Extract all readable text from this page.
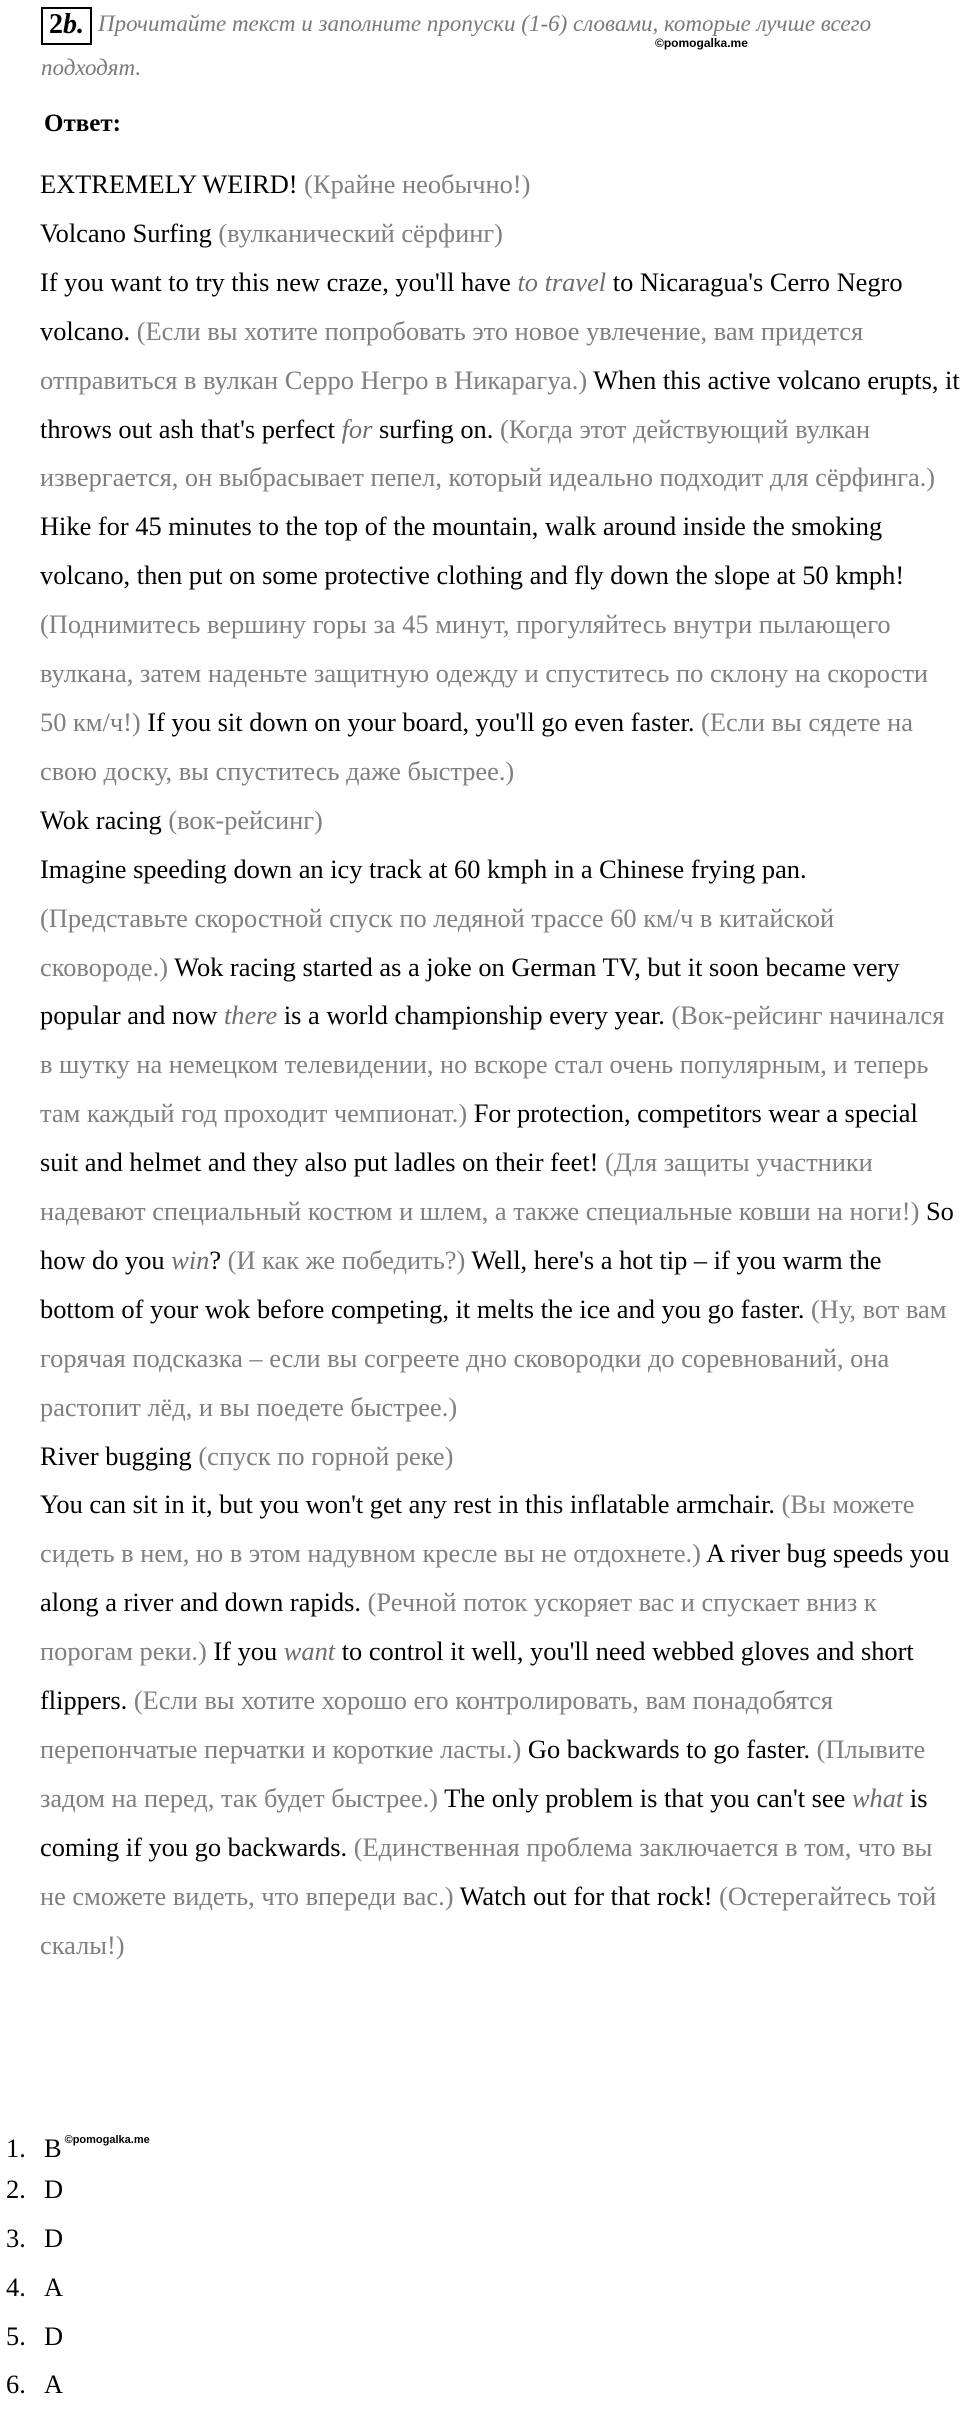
2b. Прочитайте текст и заполните пропуски (1-6) словами, которые лучше всего подходят.
©pomogalka.me
Ответ:

EXTREMELY WEIRD! (Крайне необычно!)

Volcano Surfing (вулканический сёрфинг)

If you want to try this new craze, you'll have to travel to Nicaragua's Cerro Negro volcano. (Если вы хотите попробовать это новое увлечение, вам придется отправиться в вулкан Серро Негро в Никарагуа.) When this active volcano erupts, it throws out ash that's perfect for surfing on. (Когда этот действующий вулкан извергается, он выбрасывает пепел, который идеально подходит для сёрфинга.) Hike for 45 minutes to the top of the mountain, walk around inside the smoking volcano, then put on some protective clothing and fly down the slope at 50 kmph! (Поднимитесь вершину горы за 45 минут, прогуляйтесь внутри пылающего вулкана, затем наденьте защитную одежду и спуститесь по склону на скорости 50 км/ч!) If you sit down on your board, you'll go even faster. (Если вы сядете на свою доску, вы спуститесь даже быстрее.)

Wok racing (вок-рейсинг)

Imagine speeding down an icy track at 60 kmph in a Chinese frying pan. (Представьте скоростной спуск по ледяной трассе 60 км/ч в китайской сковороде.) Wok racing started as a joke on German TV, but it soon became very popular and now there is a world championship every year. (Вок-рейсинг начинался в шутку на немецком телевидении, но вскоре стал очень популярным, и теперь там каждый год проходит чемпионат.) For protection, competitors wear a special suit and helmet and they also put ladles on their feet! (Для защиты участники надевают специальный костюм и шлем, а также специальные ковши на ноги!) So how do you win? (И как же победить?) Well, here's a hot tip – if you warm the bottom of your wok before competing, it melts the ice and you go faster. (Ну, вот вам горячая подсказка – если вы согреете дно сковородки до соревнований, она растопит лёд, и вы поедете быстрее.)

River bugging (спуск по горной реке)

You can sit in it, but you won't get any rest in this inflatable armchair. (Вы можете сидеть в нем, но в этом надувном кресле вы не отдохнете.) A river bug speeds you along a river and down rapids. (Речной поток ускоряет вас и спускает вниз к порогам реки.) If you want to control it well, you'll need webbed gloves and short flippers. (Если вы хотите хорошо его контролировать, вам понадобятся перепончатые перчатки и короткие ласты.) Go backwards to go faster. (Плывите задом на перед, так будет быстрее.) The only problem is that you can't see what is coming if you go backwards. (Единственная проблема заключается в том, что вы не сможете видеть, что впереди вас.) Watch out for that rock! (Остерегайтесь той скалы!)

1. B $^{©pomogalka.me}$
2. D
3. D
4. A
5. D
6. A
